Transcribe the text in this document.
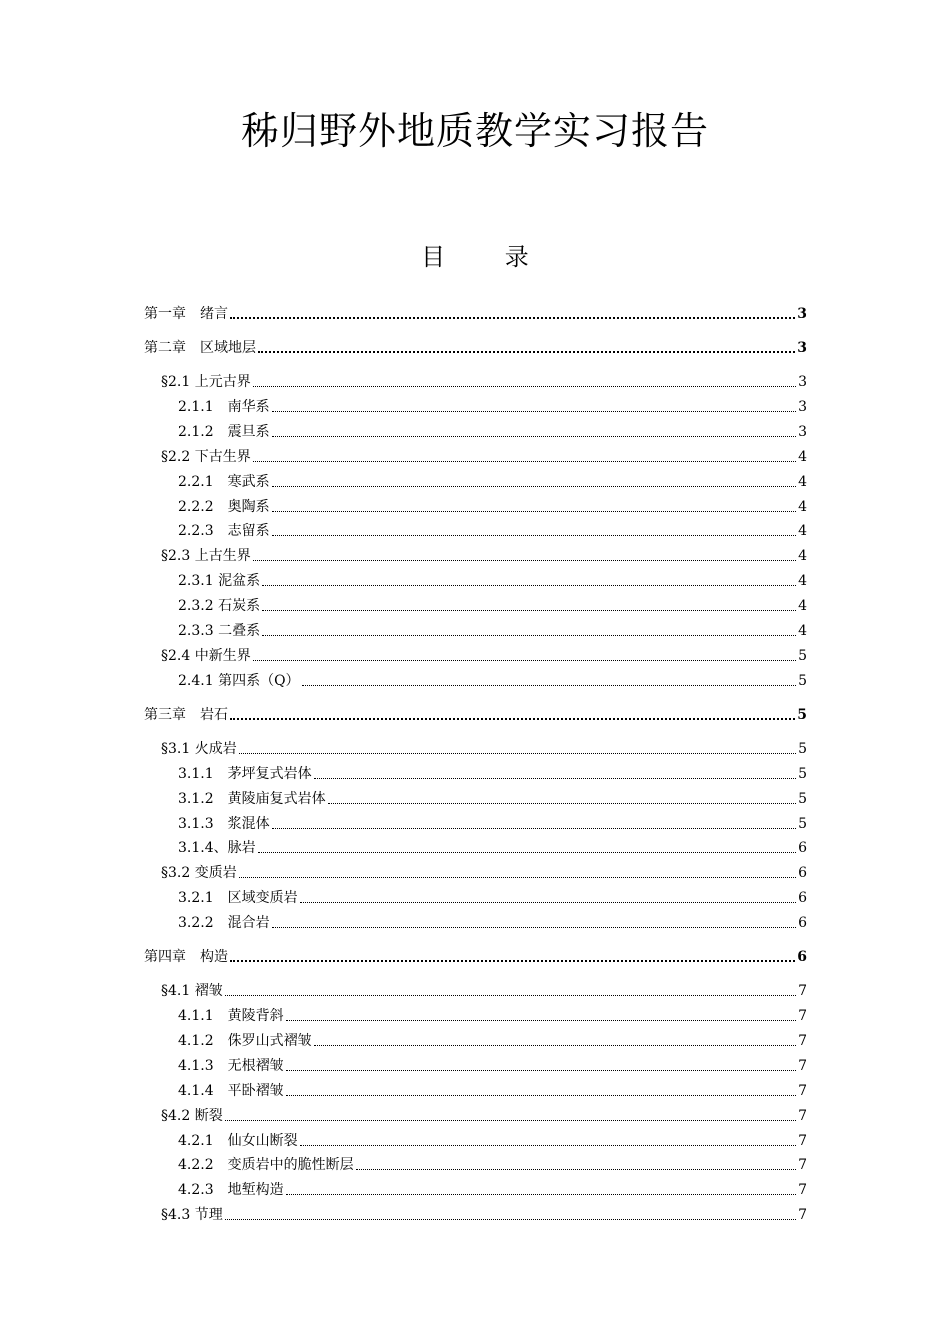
秭归野外地质教学实习报告
目 录
第一章　绪言	3
第二章　区域地层	3
§2.1 上元古界	3
2.1.1　南华系	3
2.1.2　震旦系	3
§2.2 下古生界	4
2.2.1　寒武系	4
2.2.2　奥陶系	4
2.2.3　志留系	4
§2.3 上古生界	4
2.3.1 泥盆系	4
2.3.2 石炭系	4
2.3.3 二叠系	4
§2.4 中新生界	5
2.4.1 第四系（Q）	5
第三章　岩石	5
§3.1 火成岩	5
3.1.1　茅坪复式岩体	5
3.1.2　黄陵庙复式岩体	5
3.1.3　浆混体	5
3.1.4、脉岩	6
§3.2 变质岩	6
3.2.1　区域变质岩	6
3.2.2　混合岩	6
第四章　构造	6
§4.1 褶皱	7
4.1.1　黄陵背斜	7
4.1.2　侏罗山式褶皱	7
4.1.3　无根褶皱	7
4.1.4　平卧褶皱	7
§4.2 断裂	7
4.2.1　仙女山断裂	7
4.2.2　变质岩中的脆性断层	7
4.2.3　地堑构造	7
§4.3 节理	7
